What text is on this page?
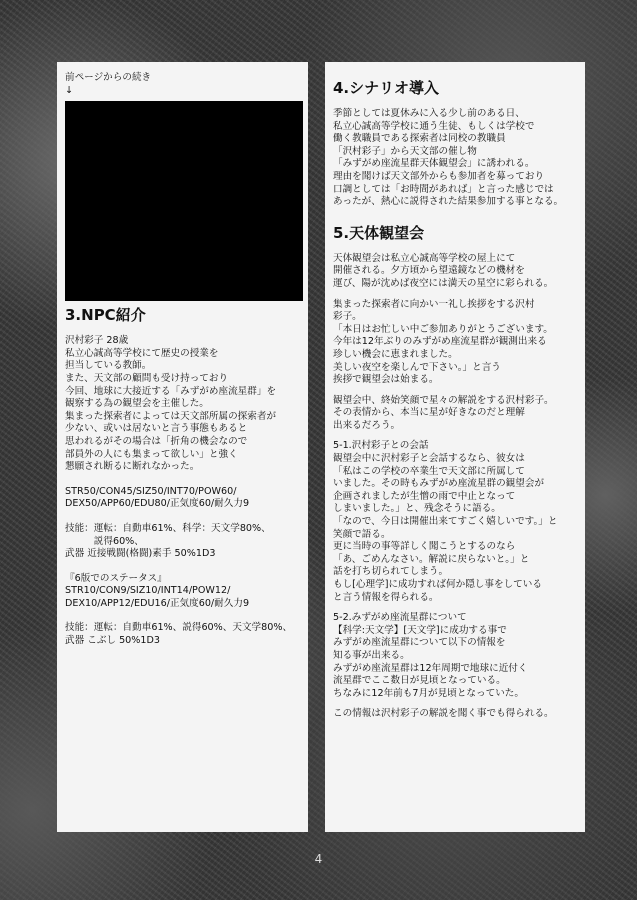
前ページからの続き
↓
3.NPC紹介
沢村彩子 28歳
私立心誠高等学校にて歴史の授業を
担当している教師。
また、天文部の顧問も受け持っており
今回、地球に大接近する「みずがめ座流星群」を
観察する為の観望会を主催した。
集まった探索者によっては天文部所属の探索者が
少ない、或いは居ないと言う事態もあると
思われるがその場合は「折角の機会なので
部員外の人にも集まって欲しい」と強く
懇願され断るに断れなかった。
STR50/CON45/SIZ50/INT70/POW60/
DEX50/APP60/EDU80/正気度60/耐久力9
技能：運転：自動車61%、科学：天文学80%、
　　　説得60%、
武器 近接戦闘(格闘)素手 50%1D3
『6版でのステータス』
STR10/CON9/SIZ10/INT14/POW12/
DEX10/APP12/EDU16/正気度60/耐久力9
技能：運転：自動車61%、説得60%、天文学80%、
武器 こぶし 50%1D3
4.シナリオ導入
季節としては夏休みに入る少し前のある日、
私立心誠高等学校に通う生徒、もしくは学校で
働く教職員である探索者は同校の教職員
「沢村彩子」から天文部の催し物
「みずがめ座流星群天体観望会」に誘われる。
理由を聞けば天文部外からも参加者を募っており
口調としては「お時間があれば」と言った感じでは
あったが、熱心に説得された結果参加する事となる。
5.天体観望会
天体観望会は私立心誠高等学校の屋上にて
開催される。夕方頃から望遠鏡などの機材を
運び、陽が沈めば夜空には満天の星空に彩られる。
集まった探索者に向かい一礼し挨拶をする沢村
彩子。
「本日はお忙しい中ご参加ありがとうございます。
今年は12年ぶりのみずがめ座流星群が観測出来る
珍しい機会に恵まれました。
美しい夜空を楽しんで下さい。」と言う
挨拶で観望会は始まる。
観望会中、終始笑顔で星々の解説をする沢村彩子。
その表情から、本当に星が好きなのだと理解
出来るだろう。
5-1.沢村彩子との会話
観望会中に沢村彩子と会話するなら、彼女は
「私はこの学校の卒業生で天文部に所属して
いました。その時もみずがめ座流星群の観望会が
企画されましたが生憎の雨で中止となって
しまいました。」と、残念そうに語る。
「なので、今日は開催出来てすごく嬉しいです。」と
笑顔で語る。
更に当時の事等詳しく聞こうとするのなら
「あ、ごめんなさい。解説に戻らないと。」と
話を打ち切られてしまう。
もし[心理学]に成功すれば何か隠し事をしている
と言う情報を得られる。
5-2.みずがめ座流星群について
【科学:天文学】[天文学]に成功する事で
みずがめ座流星群について以下の情報を
知る事が出来る。
みずがめ座流星群は12年周期で地球に近付く
流星群でここ数日が見頃となっている。
ちなみに12年前も7月が見頃となっていた。
この情報は沢村彩子の解説を聞く事でも得られる。
4
